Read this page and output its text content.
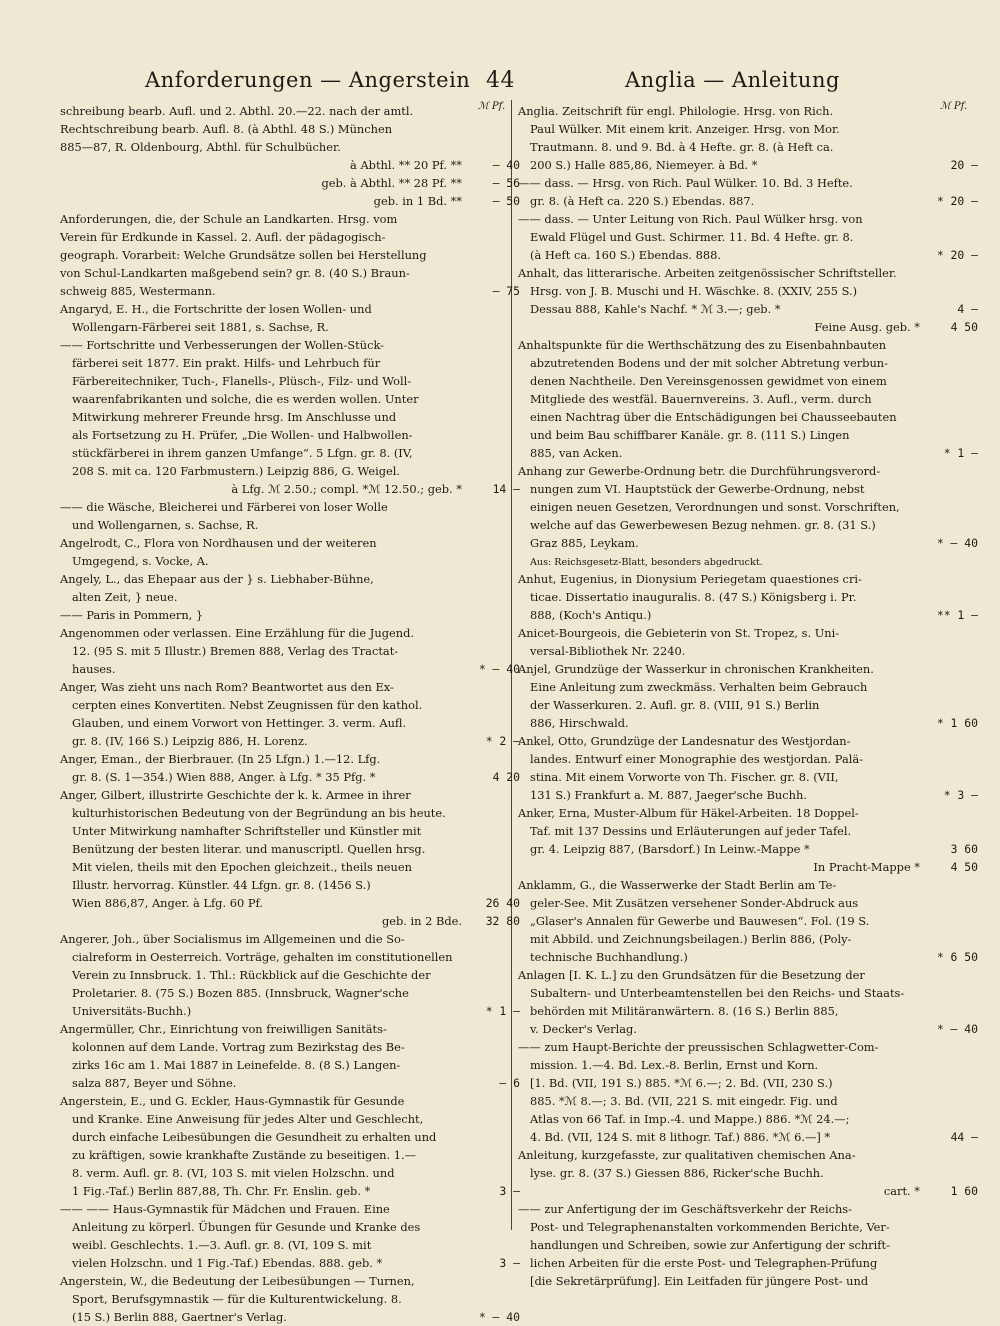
Anforderungen — Angerstein 44	Anglia — Anleitung
ℳ Pf.	ℳ Pf.
schreibung bearb. Aufl. und 2. Abthl. 20.—22. nach der amtl.
Rechtschreibung bearb. Aufl. 8. (à Abthl. 48 S.) München
885—87, R. Oldenbourg, Abthl. für Schulbücher.
à Abthl. ** 20 Pf. **	— 40
geb. à Abthl. ** 28 Pf. **	— 56
geb. in 1 Bd. **	— 50
Anforderungen, die, der Schule an Landkarten. Hrsg. vom
Verein für Erdkunde in Kassel. 2. Aufl. der pädagogisch-
geograph. Vorarbeit: Welche Grundsätze sollen bei Herstellung
von Schul-Landkarten maßgebend sein? gr. 8. (40 S.) Braun-
schweig 885, Westermann.	— 75
Angaryd, E. H., die Fortschritte der losen Wollen- und
Wollengarn-Färberei seit 1881, s. Sachse, R.
—— Fortschritte und Verbesserungen der Wollen-Stück-
färberei seit 1877. Ein prakt. Hilfs- und Lehrbuch für
Färbereitechniker, Tuch-, Flanells-, Plüsch-, Filz- und Woll-
waarenfabrikanten und solche, die es werden wollen. Unter
Mitwirkung mehrerer Freunde hrsg. Im Anschlusse und
als Fortsetzung zu H. Prüfer, „Die Wollen- und Halbwollen-
stückfärberei in ihrem ganzen Umfange“. 5 Lfgn. gr. 8. (IV,
208 S. mit ca. 120 Farbmustern.) Leipzig 886, G. Weigel.
à Lfg. ℳ 2.50.; compl. *ℳ 12.50.; geb. *	14 —
—— die Wäsche, Bleicherei und Färberei von loser Wolle
und Wollengarnen, s. Sachse, R.
Angelrodt, C., Flora von Nordhausen und der weiteren
Umgegend, s. Vocke, A.
Angely, L., das Ehepaar aus der } s. Liebhaber-Bühne,
alten Zeit, } neue.
—— Paris in Pommern, }
Angenommen oder verlassen. Eine Erzählung für die Jugend.
12. (95 S. mit 5 Illustr.) Bremen 888, Verlag des Tractat-
hauses.	* — 40
Anger, Was zieht uns nach Rom? Beantwortet aus den Ex-
cerpten eines Konvertiten. Nebst Zeugnissen für den kathol.
Glauben, und einem Vorwort von Hettinger. 3. verm. Aufl.
gr. 8. (IV, 166 S.) Leipzig 886, H. Lorenz.	* 2 —
Anger, Eman., der Bierbrauer. (In 25 Lfgn.) 1.—12. Lfg.
gr. 8. (S. 1—354.) Wien 888, Anger. à Lfg. * 35 Pfg. *	4 20
Anger, Gilbert, illustrirte Geschichte der k. k. Armee in ihrer
kulturhistorischen Bedeutung von der Begründung an bis heute.
Unter Mitwirkung namhafter Schriftsteller und Künstler mit
Benützung der besten literar. und manuscriptl. Quellen hrsg.
Mit vielen, theils mit den Epochen gleichzeit., theils neuen
Illustr. hervorrag. Künstler. 44 Lfgn. gr. 8. (1456 S.)
Wien 886,87, Anger. à Lfg. 60 Pf.	26 40
geb. in 2 Bde.	32 80
Angerer, Joh., über Socialismus im Allgemeinen und die So-
cialreform in Oesterreich. Vorträge, gehalten im constitutionellen
Verein zu Innsbruck. 1. Thl.: Rückblick auf die Geschichte der
Proletarier. 8. (75 S.) Bozen 885. (Innsbruck, Wagner'sche
Universitäts-Buchh.)	* 1 —
Angermüller, Chr., Einrichtung von freiwilligen Sanitäts-
kolonnen auf dem Lande. Vortrag zum Bezirkstag des Be-
zirks 16c am 1. Mai 1887 in Leinefelde. 8. (8 S.) Langen-
salza 887, Beyer und Söhne.	— 6
Angerstein, E., und G. Eckler, Haus-Gymnastik für Gesunde
und Kranke. Eine Anweisung für jedes Alter und Geschlecht,
durch einfache Leibesübungen die Gesundheit zu erhalten und
zu kräftigen, sowie krankhafte Zustände zu beseitigen. 1.—
8. verm. Aufl. gr. 8. (VI, 103 S. mit vielen Holzschn. und
1 Fig.-Taf.) Berlin 887,88, Th. Chr. Fr. Enslin. geb. *	3 —
—— —— Haus-Gymnastik für Mädchen und Frauen. Eine
Anleitung zu körperl. Übungen für Gesunde und Kranke des
weibl. Geschlechts. 1.—3. Aufl. gr. 8. (VI, 109 S. mit
vielen Holzschn. und 1 Fig.-Taf.) Ebendas. 888. geb. *	3 —
Angerstein, W., die Bedeutung der Leibesübungen — Turnen,
Sport, Berufsgymnastik — für die Kulturentwickelung. 8.
(15 S.) Berlin 888, Gaertner's Verlag.	* — 40
Anglia. Zeitschrift für engl. Philologie. Hrsg. von Rich.
Paul Wülker. Mit einem krit. Anzeiger. Hrsg. von Mor.
Trautmann. 8. und 9. Bd. à 4 Hefte. gr. 8. (à Heft ca.
200 S.) Halle 885,86, Niemeyer. à Bd. *	20 —
—— dass. — Hrsg. von Rich. Paul Wülker. 10. Bd. 3 Hefte.
gr. 8. (à Heft ca. 220 S.) Ebendas. 887.	* 20 —
—— dass. — Unter Leitung von Rich. Paul Wülker hrsg. von
Ewald Flügel und Gust. Schirmer. 11. Bd. 4 Hefte. gr. 8.
(à Heft ca. 160 S.) Ebendas. 888.	* 20 —
Anhalt, das litterarische. Arbeiten zeitgenössischer Schriftsteller.
Hrsg. von J. B. Muschi und H. Wäschke. 8. (XXIV, 255 S.)
Dessau 888, Kahle's Nachf. * ℳ 3.—; geb. *	4 —
Feine Ausg. geb. *	4 50
Anhaltspunkte für die Werthschätzung des zu Eisenbahnbauten
abzutretenden Bodens und der mit solcher Abtretung verbun-
denen Nachtheile. Den Vereinsgenossen gewidmet von einem
Mitgliede des westfäl. Bauernvereins. 3. Aufl., verm. durch
einen Nachtrag über die Entschädigungen bei Chausseebauten
und beim Bau schiffbarer Kanäle. gr. 8. (111 S.) Lingen
885, van Acken.	* 1 —
Anhang zur Gewerbe-Ordnung betr. die Durchführungsverord-
nungen zum VI. Hauptstück der Gewerbe-Ordnung, nebst
einigen neuen Gesetzen, Verordnungen und sonst. Vorschriften,
welche auf das Gewerbewesen Bezug nehmen. gr. 8. (31 S.)
Graz 885, Leykam.	* — 40
Aus: Reichsgesetz-Blatt, besonders abgedruckt.
Anhut, Eugenius, in Dionysium Periegetam quaestiones cri-
ticae. Dissertatio inauguralis. 8. (47 S.) Königsberg i. Pr.
888, (Koch's Antiqu.)	** 1 —
Anicet-Bourgeois, die Gebieterin von St. Tropez, s. Uni-
versal-Bibliothek Nr. 2240.
Anjel, Grundzüge der Wasserkur in chronischen Krankheiten.
Eine Anleitung zum zweckmäss. Verhalten beim Gebrauch
der Wasserkuren. 2. Aufl. gr. 8. (VIII, 91 S.) Berlin
886, Hirschwald.	* 1 60
Ankel, Otto, Grundzüge der Landesnatur des Westjordan-
landes. Entwurf einer Monographie des westjordan. Palä-
stina. Mit einem Vorworte von Th. Fischer. gr. 8. (VII,
131 S.) Frankfurt a. M. 887, Jaeger'sche Buchh.	* 3 —
Anker, Erna, Muster-Album für Häkel-Arbeiten. 18 Doppel-
Taf. mit 137 Dessins und Erläuterungen auf jeder Tafel.
gr. 4. Leipzig 887, (Barsdorf.) In Leinw.-Mappe *	3 60
In Pracht-Mappe *	4 50
Anklamm, G., die Wasserwerke der Stadt Berlin am Te-
geler-See. Mit Zusätzen versehener Sonder-Abdruck aus
„Glaser's Annalen für Gewerbe und Bauwesen“. Fol. (19 S.
mit Abbild. und Zeichnungsbeilagen.) Berlin 886, (Poly-
technische Buchhandlung.)	* 6 50
Anlagen [I. K. L.] zu den Grundsätzen für die Besetzung der
Subaltern- und Unterbeamtenstellen bei den Reichs- und Staats-
behörden mit Militäranwärtern. 8. (16 S.) Berlin 885,
v. Decker's Verlag.	* — 40
—— zum Haupt-Berichte der preussischen Schlagwetter-Com-
mission. 1.—4. Bd. Lex.-8. Berlin, Ernst und Korn.
[1. Bd. (VII, 191 S.) 885. *ℳ 6.—; 2. Bd. (VII, 230 S.)
885. *ℳ 8.—; 3. Bd. (VII, 221 S. mit eingedr. Fig. und
Atlas von 66 Taf. in Imp.-4. und Mappe.) 886. *ℳ 24.—;
4. Bd. (VII, 124 S. mit 8 lithogr. Taf.) 886. *ℳ 6.—] *	44 —
Anleitung, kurzgefasste, zur qualitativen chemischen Ana-
lyse. gr. 8. (37 S.) Giessen 886, Ricker'sche Buchh.
cart. *	1 60
—— zur Anfertigung der im Geschäftsverkehr der Reichs-
Post- und Telegraphenanstalten vorkommenden Berichte, Ver-
handlungen und Schreiben, sowie zur Anfertigung der schrift-
lichen Arbeiten für die erste Post- und Telegraphen-Prüfung
[die Sekretärprüfung]. Ein Leitfaden für jüngere Post- und
